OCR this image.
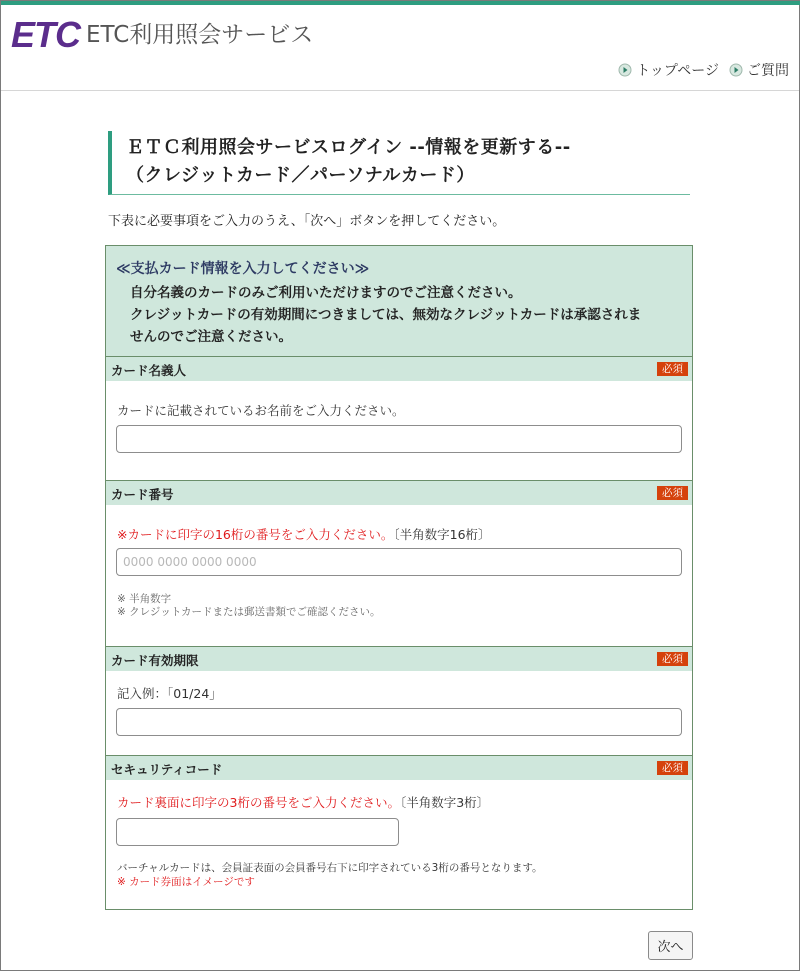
ETC ETC利用照会サービス
トップページ ご質問
ＥＴＣ利用照会サービスログイン --情報を更新する--
（クレジットカード／パーソナルカード）
下表に必要事項をご入力のうえ、「次へ」ボタンを押してください。
≪支払カード情報を入力してください≫
自分名義のカードのみご利用いただけますのでご注意ください。
クレジットカードの有効期間につきましては、無効なクレジットカードは承認されま
せんのでご注意ください。
カード名義人	必須
カードに記載されているお名前をご入力ください。
カード番号	必須
※カードに印字の16桁の番号をご入力ください。〔半角数字16桁〕
0000 0000 0000 0000
※ 半角数字
※ クレジットカードまたは郵送書類でご確認ください。
カード有効期限	必須
記入例：「01/24」
セキュリティコード	必須
カード裏面に印字の3桁の番号をご入力ください。〔半角数字3桁〕
バーチャルカードは、会員証表面の会員番号右下に印字されている3桁の番号となります。
※ カード券面はイメージです
次へ
